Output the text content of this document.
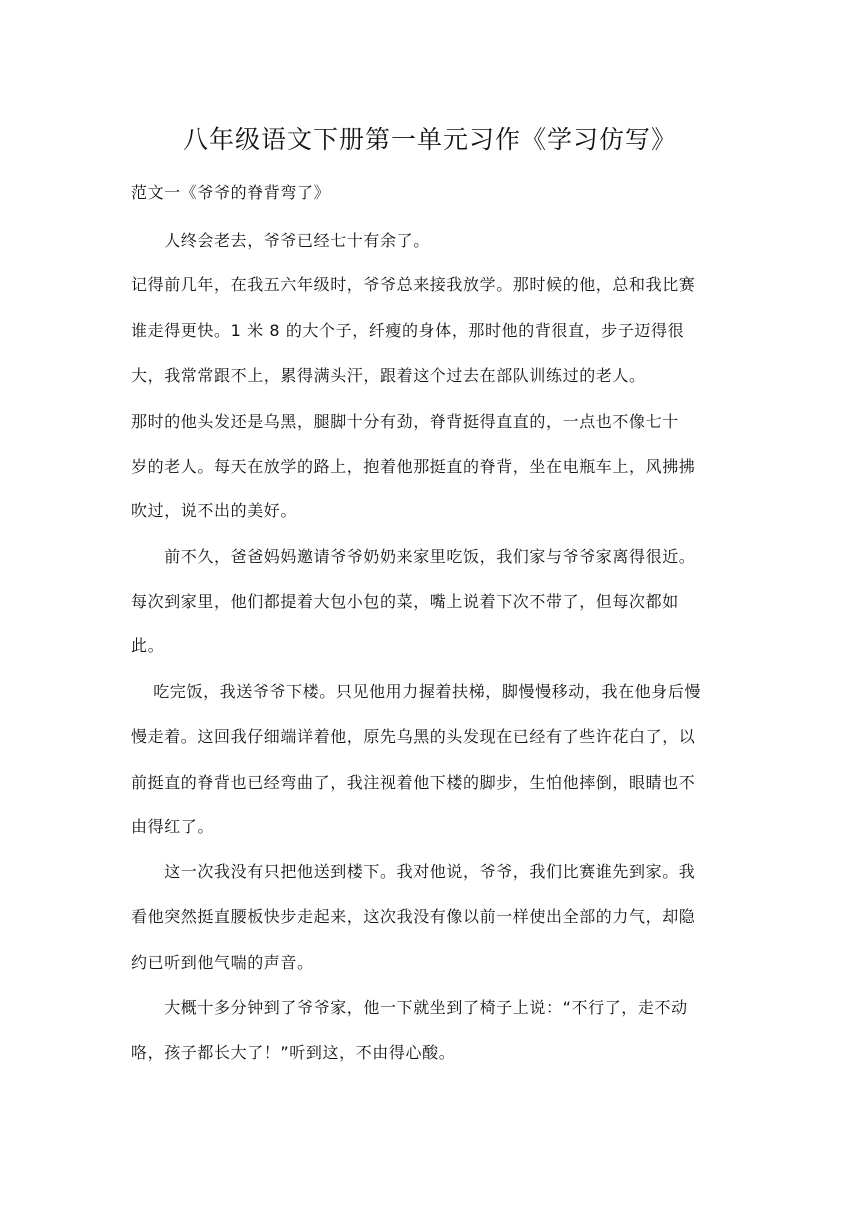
八年级语文下册第一单元习作《学习仿写》
范文一《爷爷的脊背弯了》
　　人终会老去，爷爷已经七十有余了。
记得前几年，在我五六年级时，爷爷总来接我放学。那时候的他，总和我比赛
谁走得更快。1 米 8 的大个子，纤瘦的身体，那时他的背很直，步子迈得很
大，我常常跟不上，累得满头汗，跟着这个过去在部队训练过的老人。
那时的他头发还是乌黑，腿脚十分有劲，脊背挺得直直的，一点也不像七十
岁的老人。每天在放学的路上，抱着他那挺直的脊背，坐在电瓶车上，风拂拂
吹过，说不出的美好。
　　前不久，爸爸妈妈邀请爷爷奶奶来家里吃饭，我们家与爷爷家离得很近。
每次到家里，他们都提着大包小包的菜，嘴上说着下次不带了，但每次都如
此。
　 吃完饭，我送爷爷下楼。只见他用力握着扶梯，脚慢慢移动，我在他身后慢
慢走着。这回我仔细端详着他，原先乌黑的头发现在已经有了些许花白了，以
前挺直的脊背也已经弯曲了，我注视着他下楼的脚步，生怕他摔倒，眼睛也不
由得红了。
　　这一次我没有只把他送到楼下。我对他说，爷爷，我们比赛谁先到家。我
看他突然挺直腰板快步走起来，这次我没有像以前一样使出全部的力气，却隐
约已听到他气喘的声音。
　　大概十多分钟到了爷爷家，他一下就坐到了椅子上说：“不行了，走不动
咯，孩子都长大了！”听到这，不由得心酸。
